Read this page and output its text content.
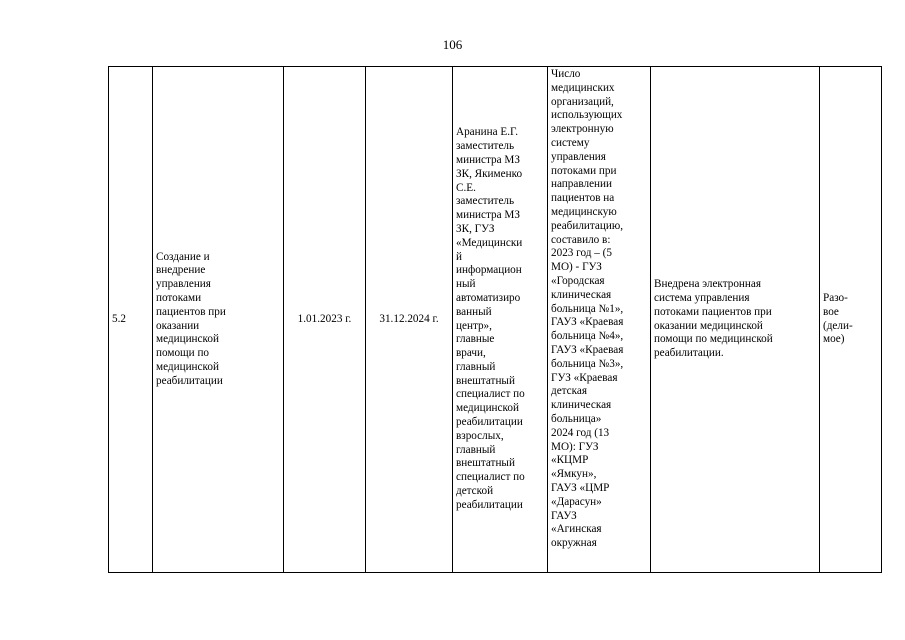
106
5.2	Создание и
внедрение
управления
потоками
пациентов при
оказании
медицинской
помощи по
медицинской
реабилитации	1.01.2023 г.	31.12.2024 г.	Аранина Е.Г.
заместитель
министра МЗ
ЗК, Якименко
С.Е.
заместитель
министра МЗ
ЗК, ГУЗ
«Медицински
й
информацион
ный
автоматизиро
ванный
центр»,
главные
врачи,
главный
внештатный
специалист по
медицинской
реабилитации
взрослых,
главный
внештатный
специалист по
детской
реабилитации	Число
медицинских
организаций,
использующих
электронную
систему
управления
потоками при
направлении
пациентов на
медицинскую
реабилитацию,
составило в:
2023 год – (5
МО) - ГУЗ
«Городская
клиническая
больница №1»,
ГАУЗ «Краевая
больница №4»,
ГАУЗ «Краевая
больница №3»,
ГУЗ «Краевая
детская
клиническая
больница»
2024 год (13
МО): ГУЗ
«КЦМР
«Ямкун»,
ГАУЗ «ЦМР
«Дарасун»
ГАУЗ
«Агинская
окружная	Внедрена электронная
система управления
потоками пациентов при
оказании медицинской
помощи по медицинской
реабилитации.	Разо-
вое
(дели-
мое)
